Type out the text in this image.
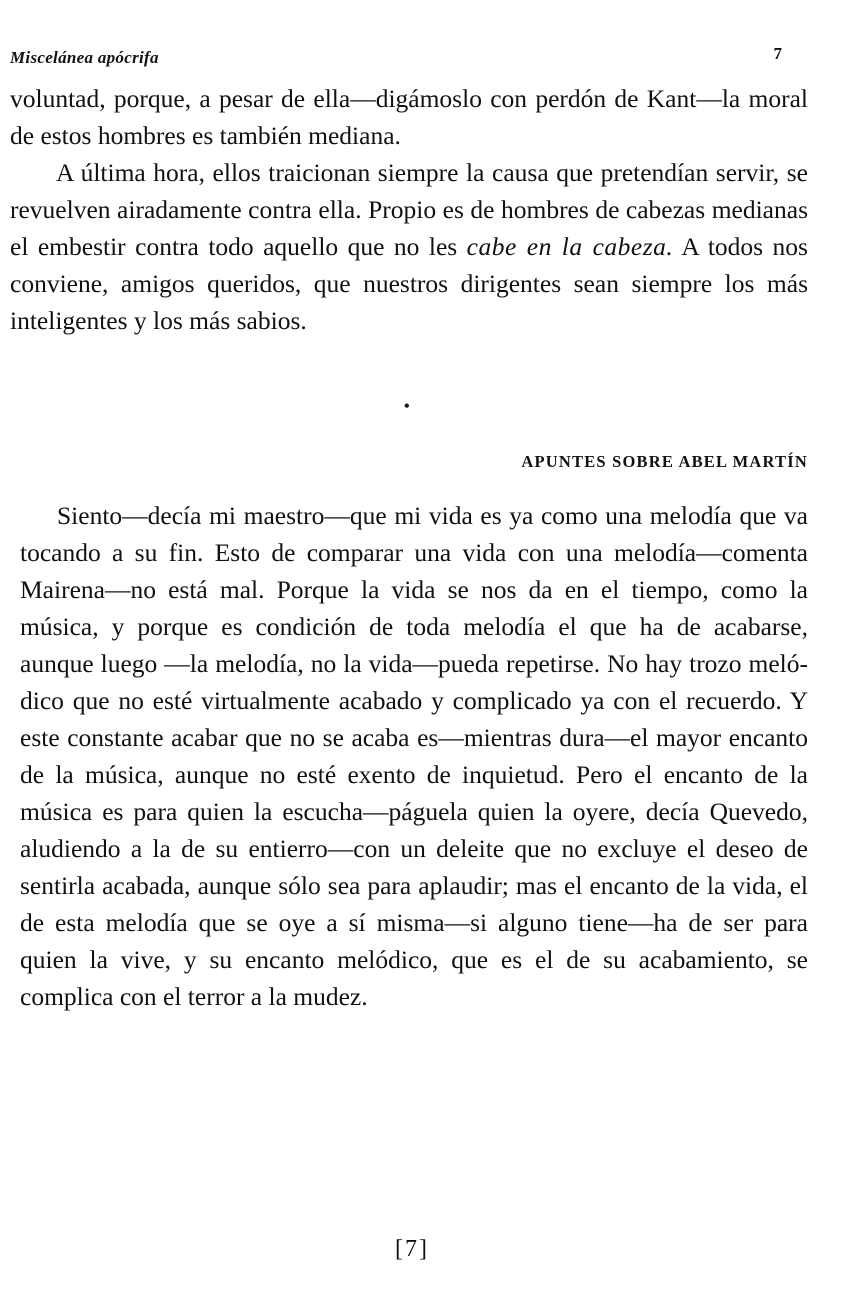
Miscelánea apócrifa	7

voluntad, porque, a pesar de ella—digámoslo con perdón de Kant—la moral de estos hombres es también mediana.

A última hora, ellos traicionan siempre la causa que pretendían servir, se revuelven airadamente contra ella. Propio es de hombres de cabezas medianas el embestir contra todo aquello que no les cabe en la cabeza. A todos nos conviene, amigos queridos, que nuestros dirigentes sean siempre los más inteligentes y los más sabios.

•
APUNTES SOBRE ABEL MARTÍN

Siento—decía mi maestro—que mi vida es ya como una melodía que va tocando a su fin. Esto de comparar una vida con una melodía—comenta Mairena—no está mal. Porque la vida se nos da en el tiempo, como la música, y porque es condición de toda melodía el que ha de acabarse, aunque luego —la melodía, no la vida—pueda repetirse. No hay trozo melódico que no esté virtualmente acabado y complicado ya con el recuerdo. Y este constante acabar que no se acaba es—mientras dura—el mayor encanto de la música, aunque no esté exento de inquietud. Pero el encanto de la música es para quien la escucha—páguela quien la oyere, decía Quevedo, aludiendo a la de su entierro—con un deleite que no excluye el deseo de sentirla acabada, aunque sólo sea para aplaudir; mas el encanto de la vida, el de esta melodía que se oye a sí misma—si alguno tiene—ha de ser para quien la vive, y su encanto melódico, que es el de su acabamiento, se complica con el terror a la mudez.

[7]
